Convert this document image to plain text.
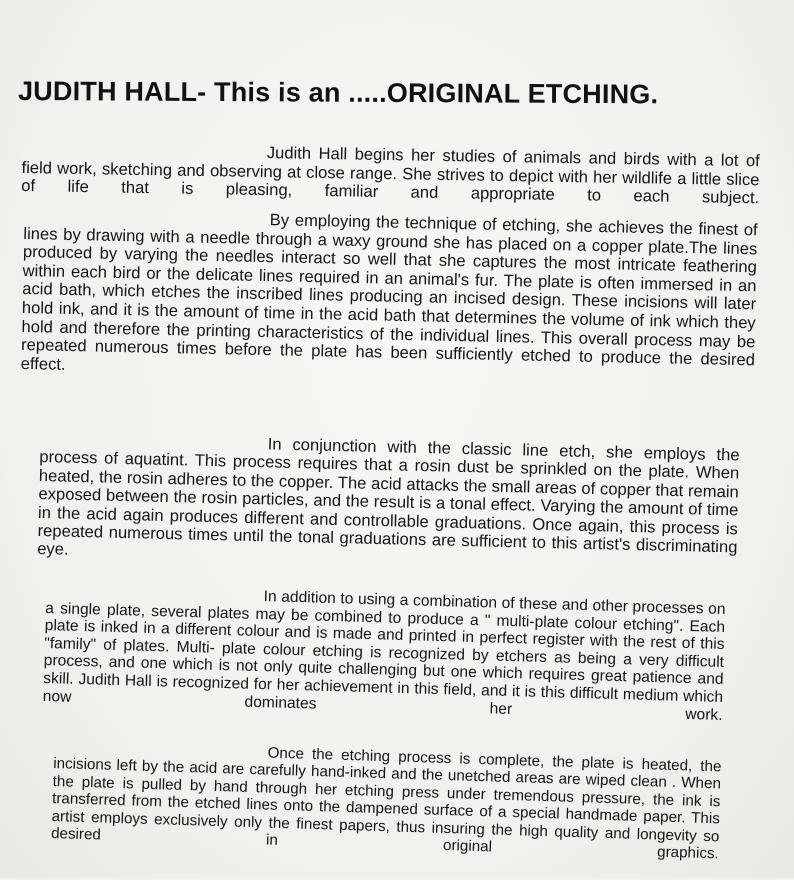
JUDITH HALL- This is an .....ORIGINAL ETCHING.

Judith Hall begins her studies of animals and birds with a lot of field work, sketching and observing at close range. She strives to depict with her wildlife a little slice of life that is pleasing, familiar and appropriate to each subject.

By employing the technique of etching, she achieves the finest of lines by drawing with a needle through a waxy ground she has placed on a copper plate.The lines produced by varying the needles interact so well that she captures the most intricate feathering within each bird or the delicate lines required in an animal's fur. The plate is often immersed in an acid bath, which etches the inscribed lines producing an incised design. These incisions will later hold ink, and it is the amount of time in the acid bath that determines the volume of ink which they hold and therefore the printing characteristics of the individual lines. This overall process may be repeated numerous times before the plate has been sufficiently etched to produce the desired effect.

In conjunction with the classic line etch, she employs the process of aquatint. This process requires that a rosin dust be sprinkled on the plate. When heated, the rosin adheres to the copper. The acid attacks the small areas of copper that remain exposed between the rosin particles, and the result is a tonal effect. Varying the amount of time in the acid again produces different and controllable graduations. Once again, this process is repeated numerous times until the tonal graduations are sufficient to this artist's discriminating eye.

In addition to using a combination of these and other processes on a single plate, several plates may be combined to produce a " multi-plate colour etching". Each plate is inked in a different colour and is made and printed in perfect register with the rest of this "family" of plates. Multi- plate colour etching is recognized by etchers as being a very difficult process, and one which is not only quite challenging but one which requires great patience and skill. Judith Hall is recognized for her achievement in this field, and it is this difficult medium which now dominates her work.

Once the etching process is complete, the plate is heated, the incisions left by the acid are carefully hand-inked and the unetched areas are wiped clean . When the plate is pulled by hand through her etching press under tremendous pressure, the ink is transferred from the etched lines onto the dampened surface of a special handmade paper. This artist employs exclusively only the finest papers, thus insuring the high quality and longevity so desired in original graphics.
